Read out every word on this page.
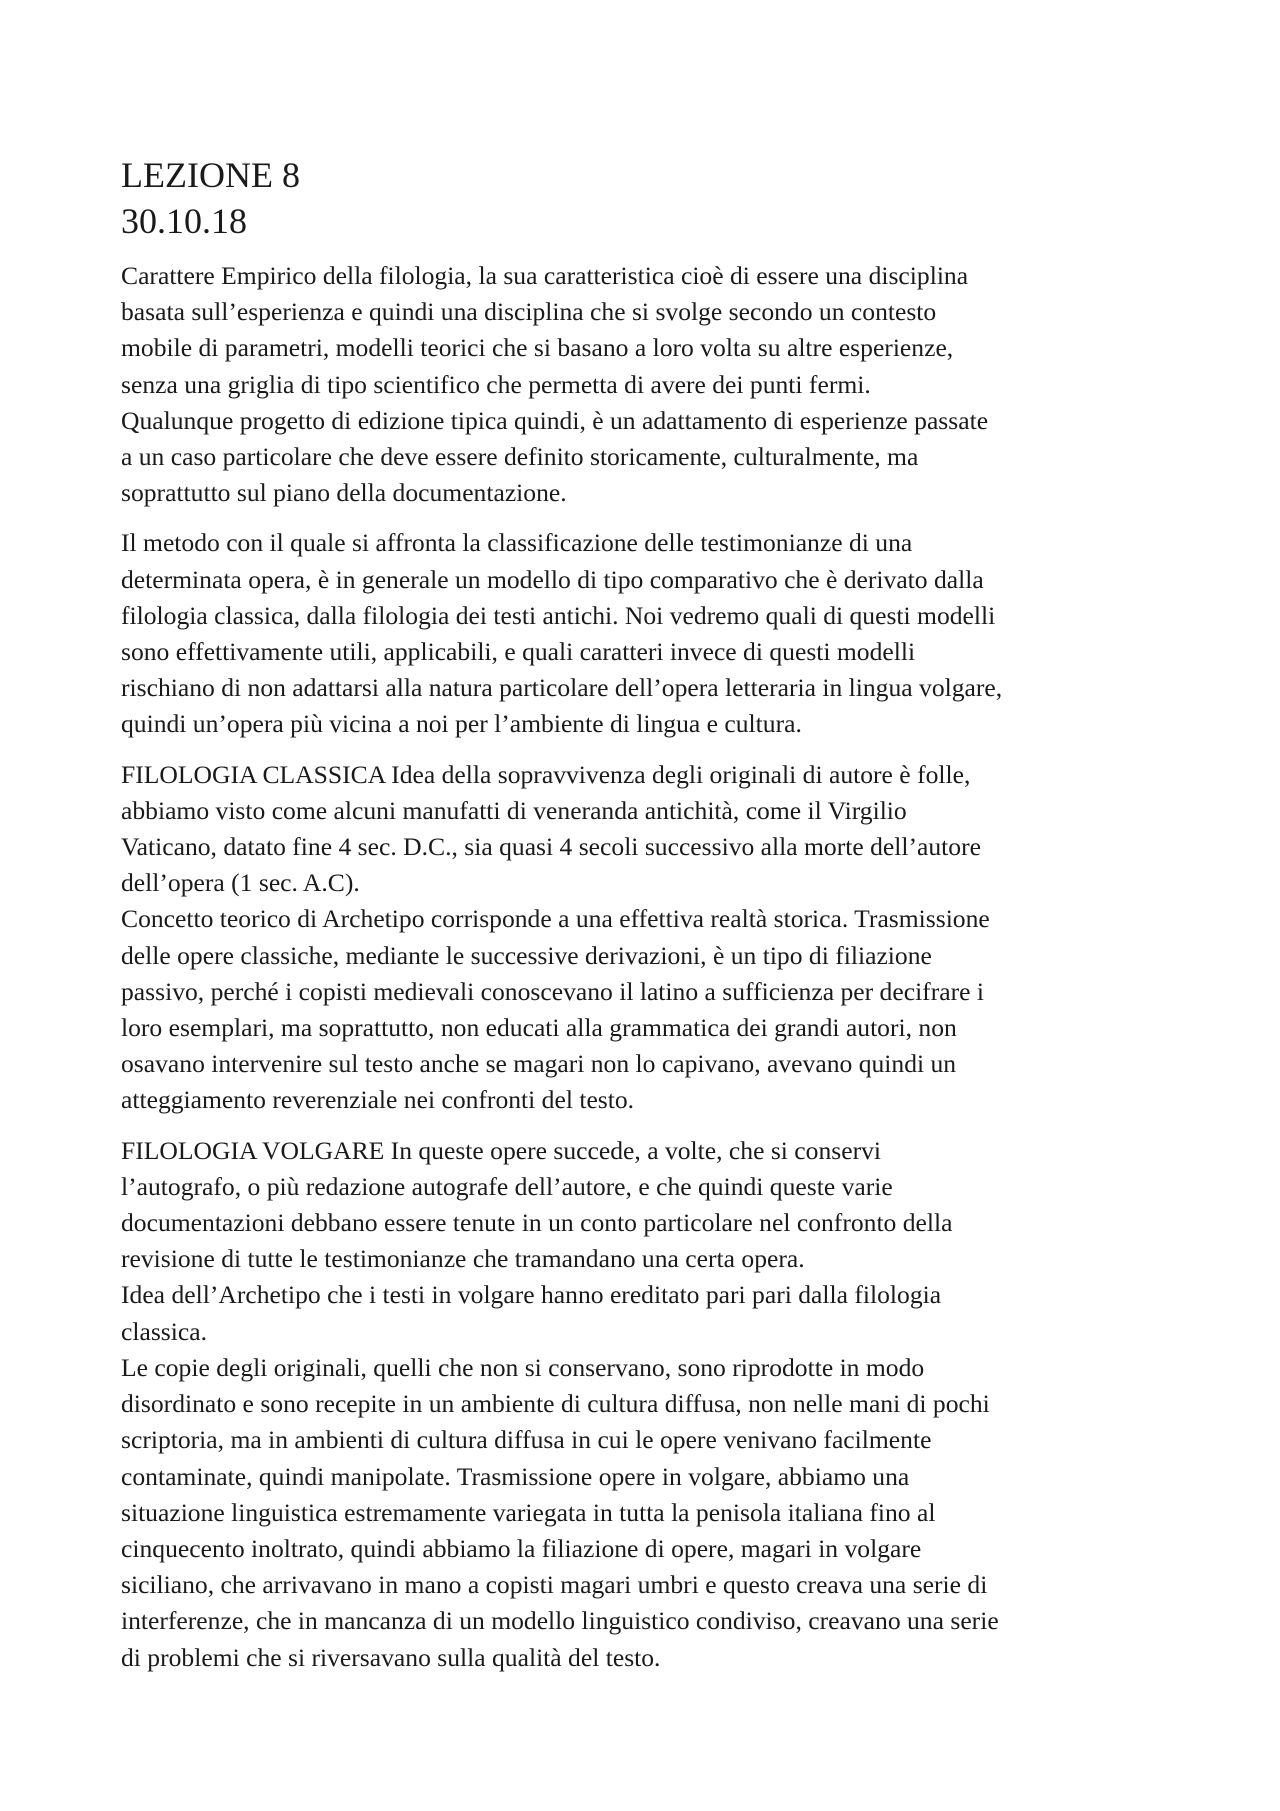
LEZIONE 8
30.10.18
Carattere Empirico della filologia, la sua caratteristica cioè di essere una disciplina
basata sull’esperienza e quindi una disciplina che si svolge secondo un contesto
mobile di parametri, modelli teorici che si basano a loro volta su altre esperienze,
senza una griglia di tipo scientifico che permetta di avere dei punti fermi.
Qualunque progetto di edizione tipica quindi, è un adattamento di esperienze passate
a un caso particolare che deve essere definito storicamente, culturalmente, ma
soprattutto sul piano della documentazione.
Il metodo con il quale si affronta la classificazione delle testimonianze di una
determinata opera, è in generale un modello di tipo comparativo che è derivato dalla
filologia classica, dalla filologia dei testi antichi. Noi vedremo quali di questi modelli
sono effettivamente utili, applicabili, e quali caratteri invece di questi modelli
rischiano di non adattarsi alla natura particolare dell’opera letteraria in lingua volgare,
quindi un’opera più vicina a noi per l’ambiente di lingua e cultura.
FILOLOGIA CLASSICA Idea della sopravvivenza degli originali di autore è folle,
abbiamo visto come alcuni manufatti di veneranda antichità, come il Virgilio
Vaticano, datato fine 4 sec. D.C., sia quasi 4 secoli successivo alla morte dell’autore
dell’opera (1 sec. A.C).
Concetto teorico di Archetipo corrisponde a una effettiva realtà storica. Trasmissione
delle opere classiche, mediante le successive derivazioni, è un tipo di filiazione
passivo, perché i copisti medievali conoscevano il latino a sufficienza per decifrare i
loro esemplari, ma soprattutto, non educati alla grammatica dei grandi autori, non
osavano intervenire sul testo anche se magari non lo capivano, avevano quindi un
atteggiamento reverenziale nei confronti del testo.
FILOLOGIA VOLGARE In queste opere succede, a volte, che si conservi
l’autografo, o più redazione autografe dell’autore, e che quindi queste varie
documentazioni debbano essere tenute in un conto particolare nel confronto della
revisione di tutte le testimonianze che tramandano una certa opera.
Idea dell’Archetipo che i testi in volgare hanno ereditato pari pari dalla filologia
classica.
Le copie degli originali, quelli che non si conservano, sono riprodotte in modo
disordinato e sono recepite in un ambiente di cultura diffusa, non nelle mani di pochi
scriptoria, ma in ambienti di cultura diffusa in cui le opere venivano facilmente
contaminate, quindi manipolate. Trasmissione opere in volgare, abbiamo una
situazione linguistica estremamente variegata in tutta la penisola italiana fino al
cinquecento inoltrato, quindi abbiamo la filiazione di opere, magari in volgare
siciliano, che arrivavano in mano a copisti magari umbri e questo creava una serie di
interferenze, che in mancanza di un modello linguistico condiviso, creavano una serie
di problemi che si riversavano sulla qualità del testo.
